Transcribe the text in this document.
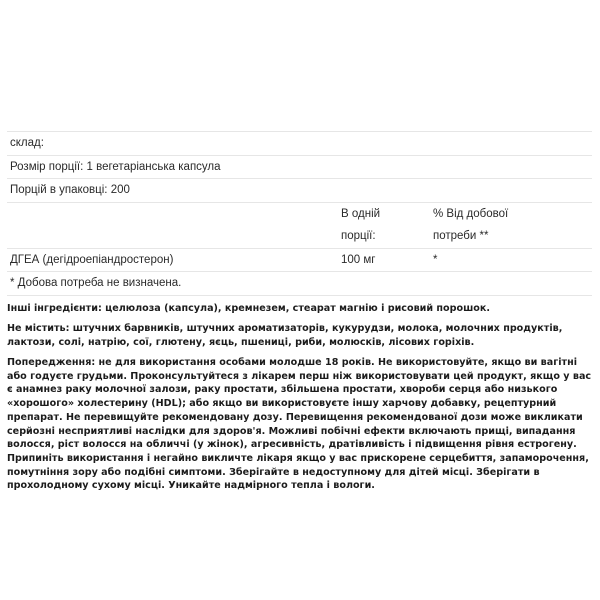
склад:		
Розмір порції: 1 вегетаріанська капсула		
Порцій в упаковці: 200		
	В одній
порції:	% Від добової
потреби **
ДГЕА (дегідроепіандростерон)	100 мг	*
* Добова потреба не визначена.		

Інші інгредієнти: целюлоза (капсула), кремнезем, стеарат магнію і рисовий порошок.

Не містить: штучних барвників, штучних ароматизаторів, кукурудзи, молока, молочних продуктів, лактози, солі, натрію, сої, глютену, яєць, пшениці, риби, молюсків, лісових горіхів.

Попередження: не для використання особами молодше 18 років. Не використовуйте, якщо ви вагітні або годуєте грудьми. Проконсультуйтеся з лікарем перш ніж використовувати цей продукт, якщо у вас є анамнез раку молочної залози, раку простати, збільшена простати, хвороби серця або низького «хорошого» холестерину (HDL); або якщо ви використовуєте іншу харчову добавку, рецептурний препарат. Не перевищуйте рекомендовану дозу. Перевищення рекомендованої дози може викликати серйозні несприятливі наслідки для здоров'я. Можливі побічні ефекти включають прищі, випадання волосся, ріст волосся на обличчі (у жінок), агресивність, дратівливість і підвищення рівня естрогену. Припиніть використання і негайно викличте лікаря якщо у вас прискорене серцебиття, запаморочення, помутніння зору або подібні симптоми. Зберігайте в недоступному для дітей місці. Зберігати в прохолодному сухому місці. Уникайте надмірного тепла і вологи.
